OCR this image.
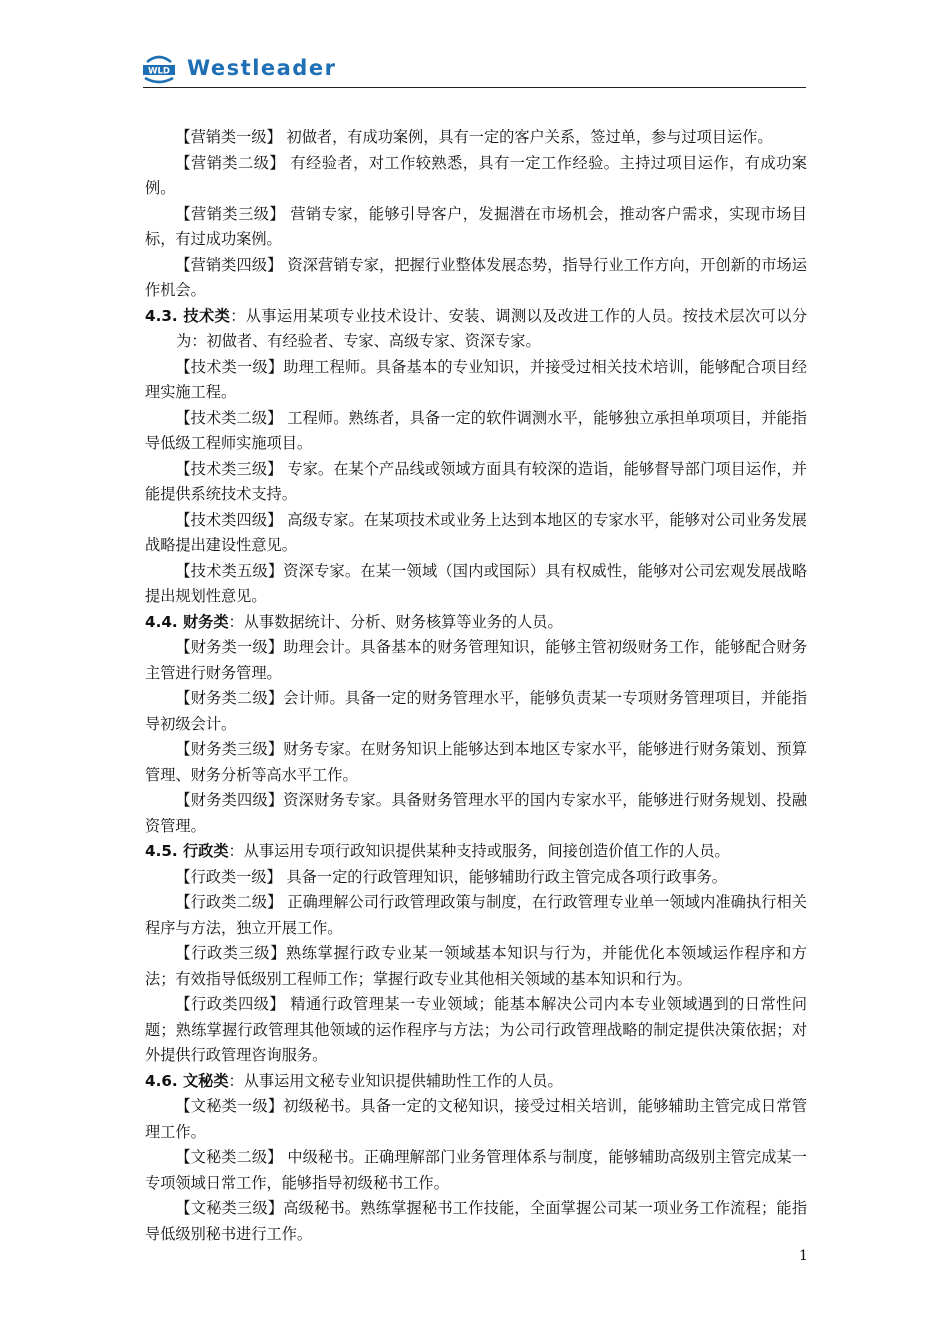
WLD Westleader

【营销类一级】 初做者，有成功案例，具有一定的客户关系，签过单，参与过项目运作。

【营销类二级】 有经验者，对工作较熟悉，具有一定工作经验。主持过项目运作，有成功案例。

【营销类三级】 营销专家，能够引导客户，发掘潜在市场机会，推动客户需求，实现市场目标，有过成功案例。

【营销类四级】 资深营销专家，把握行业整体发展态势，指导行业工作方向，开创新的市场运作机会。

4.3. 技术类：从事运用某项专业技术设计、安装、调测以及改进工作的人员。按技术层次可以分为：初做者、有经验者、专家、高级专家、资深专家。

【技术类一级】助理工程师。具备基本的专业知识，并接受过相关技术培训，能够配合项目经理实施工程。

【技术类二级】 工程师。熟练者，具备一定的软件调测水平，能够独立承担单项项目，并能指导低级工程师实施项目。

【技术类三级】 专家。在某个产品线或领域方面具有较深的造诣，能够督导部门项目运作，并能提供系统技术支持。

【技术类四级】 高级专家。在某项技术或业务上达到本地区的专家水平，能够对公司业务发展战略提出建设性意见。

【技术类五级】资深专家。在某一领域（国内或国际）具有权威性，能够对公司宏观发展战略提出规划性意见。

4.4. 财务类：从事数据统计、分析、财务核算等业务的人员。

【财务类一级】助理会计。具备基本的财务管理知识，能够主管初级财务工作，能够配合财务主管进行财务管理。

【财务类二级】会计师。具备一定的财务管理水平，能够负责某一专项财务管理项目，并能指导初级会计。

【财务类三级】财务专家。在财务知识上能够达到本地区专家水平，能够进行财务策划、预算管理、财务分析等高水平工作。

【财务类四级】资深财务专家。具备财务管理水平的国内专家水平，能够进行财务规划、投融资管理。

4.5. 行政类：从事运用专项行政知识提供某种支持或服务，间接创造价值工作的人员。

【行政类一级】 具备一定的行政管理知识，能够辅助行政主管完成各项行政事务。

【行政类二级】 正确理解公司行政管理政策与制度，在行政管理专业单一领域内准确执行相关程序与方法，独立开展工作。

【行政类三级】熟练掌握行政专业某一领域基本知识与行为，并能优化本领域运作程序和方法；有效指导低级别工程师工作；掌握行政专业其他相关领域的基本知识和行为。

【行政类四级】 精通行政管理某一专业领域；能基本解决公司内本专业领域遇到的日常性问题；熟练掌握行政管理其他领域的运作程序与方法；为公司行政管理战略的制定提供决策依据；对外提供行政管理咨询服务。

4.6. 文秘类：从事运用文秘专业知识提供辅助性工作的人员。

【文秘类一级】初级秘书。具备一定的文秘知识，接受过相关培训，能够辅助主管完成日常管理工作。

【文秘类二级】 中级秘书。正确理解部门业务管理体系与制度，能够辅助高级别主管完成某一专项领域日常工作，能够指导初级秘书工作。

【文秘类三级】高级秘书。熟练掌握秘书工作技能，全面掌握公司某一项业务工作流程；能指导低级别秘书进行工作。

1
